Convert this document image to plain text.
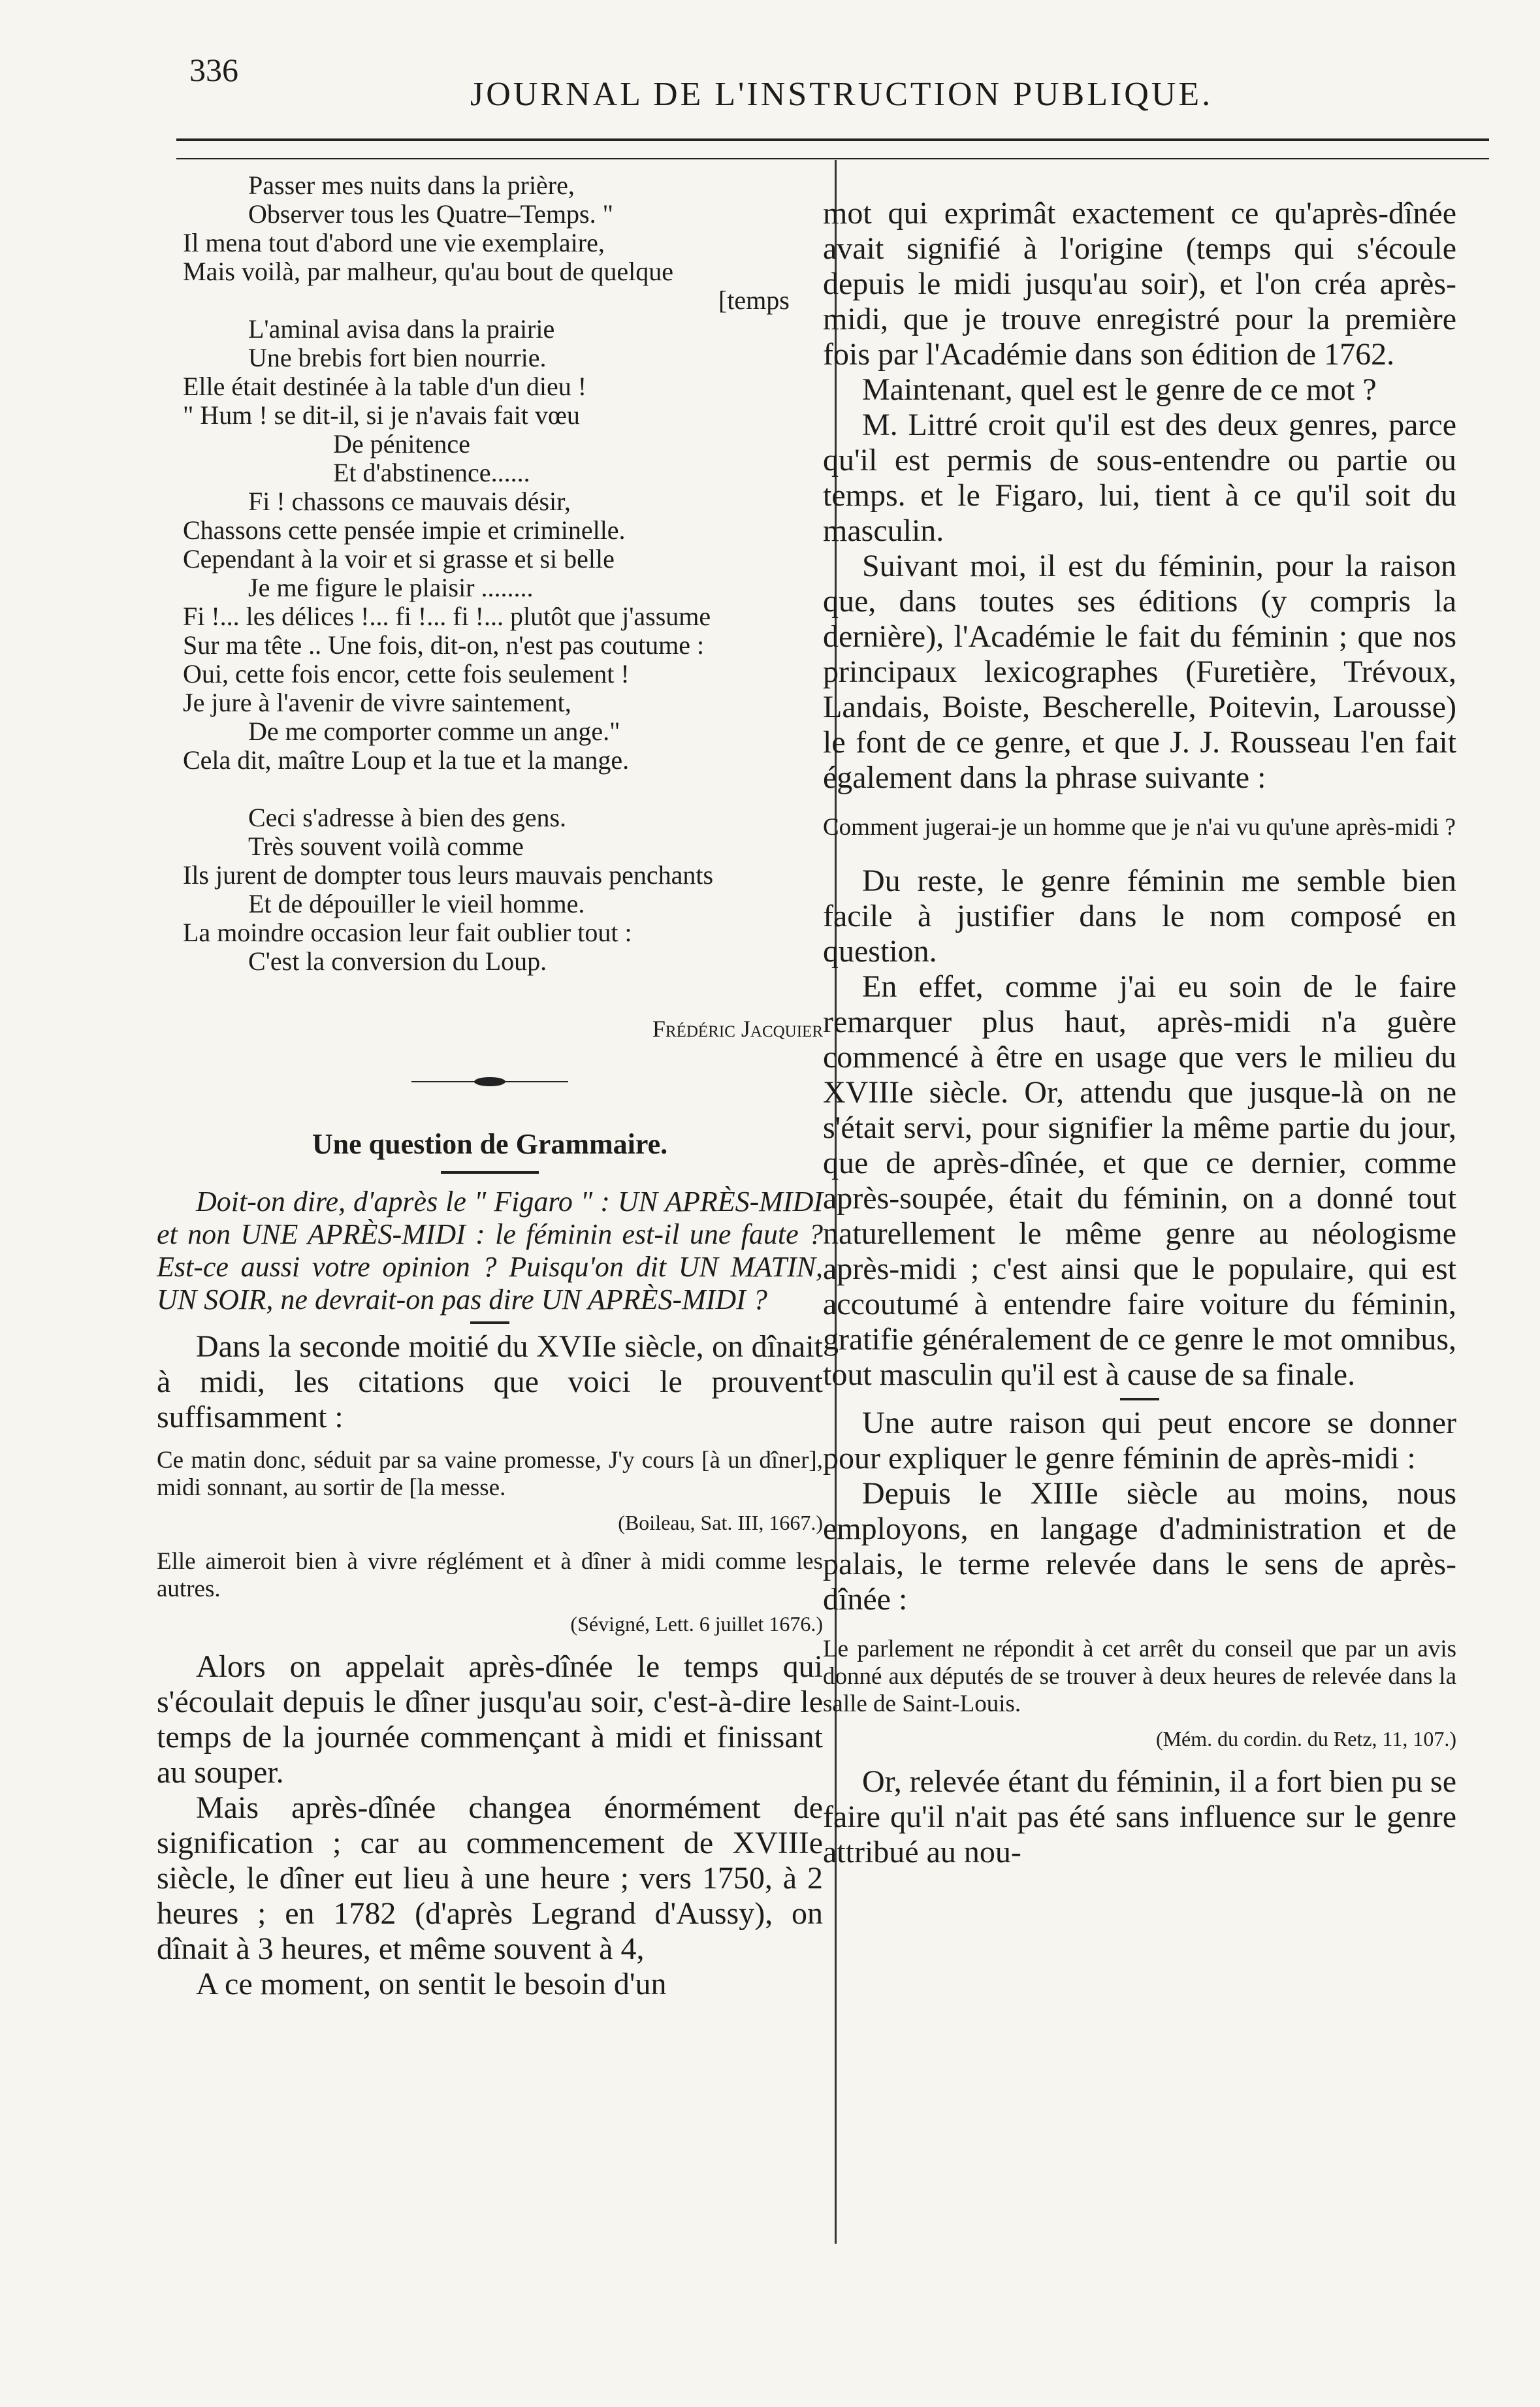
336
JOURNAL DE L'INSTRUCTION PUBLIQUE.
Passer mes nuits dans la prière,
Observer tous les Quatre–Temps. "
Il mena tout d'abord une vie exemplaire,
Mais voilà, par malheur, qu'au bout de quelque
[temps
L'aminal avisa dans la prairie
Une brebis fort bien nourrie.
Elle était destinée à la table d'un dieu !
" Hum ! se dit-il, si je n'avais fait vœu
De pénitence
Et d'abstinence......
Fi ! chassons ce mauvais désir,
Chassons cette pensée impie et criminelle.
Cependant à la voir et si grasse et si belle
Je me figure le plaisir ........
Fi !... les délices !... fi !... fi !... plutôt que j'assume
Sur ma tête .. Une fois, dit-on, n'est pas coutume :
Oui, cette fois encor, cette fois seulement !
Je jure à l'avenir de vivre saintement,
De me comporter comme un ange."
Cela dit, maître Loup et la tue et la mange.
Ceci s'adresse à bien des gens.
Très souvent voilà comme
Ils jurent de dompter tous leurs mauvais penchants
Et de dépouiller le vieil homme.
La moindre occasion leur fait oublier tout :
C'est la conversion du Loup.
Frédéric Jacquier
Une question de Grammaire.

Doit-on dire, d'après le " Figaro " : UN APRÈS-MIDI et non UNE APRÈS-MIDI : le féminin est-il une faute ? Est-ce aussi votre opinion ? Puisqu'on dit UN MATIN, UN SOIR, ne devrait-on pas dire UN APRÈS-MIDI ?

Dans la seconde moitié du XVIIe siècle, on dînait à midi, les citations que voici le prouvent suffisamment :

Ce matin donc, séduit par sa vaine promesse, J'y cours [à un dîner], midi sonnant, au sortir de [la messe.

(Boileau, Sat. III, 1667.)

Elle aimeroit bien à vivre réglément et à dîner à midi comme les autres.

(Sévigné, Lett. 6 juillet 1676.)

Alors on appelait après-dînée le temps qui s'écoulait depuis le dîner jusqu'au soir, c'est-à-dire le temps de la journée commençant à midi et finissant au souper.

Mais après-dînée changea énormément de signification ; car au commencement de XVIIIe siècle, le dîner eut lieu à une heure ; vers 1750, à 2 heures ; en 1782 (d'après Legrand d'Aussy), on dînait à 3 heures, et même souvent à 4,

A ce moment, on sentit le besoin d'un

mot qui exprimât exactement ce qu'après-dînée avait signifié à l'origine (temps qui s'écoule depuis le midi jusqu'au soir), et l'on créa après-midi, que je trouve enregistré pour la première fois par l'Académie dans son édition de 1762.

Maintenant, quel est le genre de ce mot ?

M. Littré croit qu'il est des deux genres, parce qu'il est permis de sous-entendre ou partie ou temps. et le Figaro, lui, tient à ce qu'il soit du masculin.

Suivant moi, il est du féminin, pour la raison que, dans toutes ses éditions (y compris la dernière), l'Académie le fait du féminin ; que nos principaux lexicographes (Furetière, Trévoux, Landais, Boiste, Bescherelle, Poitevin, Larousse) le font de ce genre, et que J. J. Rousseau l'en fait également dans la phrase suivante :

Comment jugerai-je un homme que je n'ai vu qu'une après-midi ?

Du reste, le genre féminin me semble bien facile à justifier dans le nom composé en question.

En effet, comme j'ai eu soin de le faire remarquer plus haut, après-midi n'a guère commencé à être en usage que vers le milieu du XVIIIe siècle. Or, attendu que jusque-là on ne s'était servi, pour signifier la même partie du jour, que de après-dînée, et que ce dernier, comme après-soupée, était du féminin, on a donné tout naturellement le même genre au néologisme après-midi ; c'est ainsi que le populaire, qui est accoutumé à entendre faire voiture du féminin, gratifie généralement de ce genre le mot omnibus, tout masculin qu'il est à cause de sa finale.

Une autre raison qui peut encore se donner pour expliquer le genre féminin de après-midi :

Depuis le XIIIe siècle au moins, nous employons, en langage d'administration et de palais, le terme relevée dans le sens de après-dînée :

Le parlement ne répondit à cet arrêt du conseil que par un avis donné aux députés de se trouver à deux heures de relevée dans la salle de Saint-Louis.

(Mém. du cordin. du Retz, 11, 107.)

Or, relevée étant du féminin, il a fort bien pu se faire qu'il n'ait pas été sans influence sur le genre attribué au nou-
